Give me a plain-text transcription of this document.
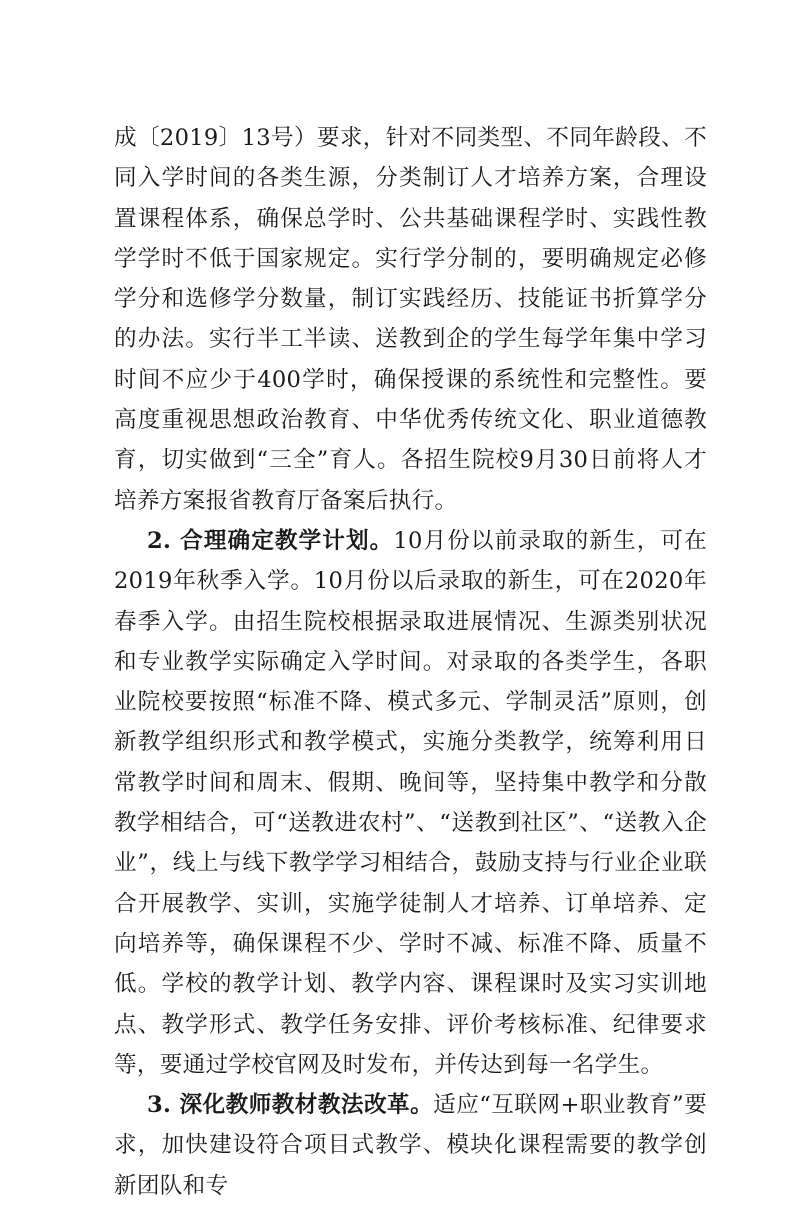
成〔2019〕13号）要求，针对不同类型、不同年龄段、不同入学时间的各类生源，分类制订人才培养方案，合理设置课程体系，确保总学时、公共基础课程学时、实践性教学学时不低于国家规定。实行学分制的，要明确规定必修学分和选修学分数量，制订实践经历、技能证书折算学分的办法。实行半工半读、送教到企的学生每学年集中学习时间不应少于400学时，确保授课的系统性和完整性。要高度重视思想政治教育、中华优秀传统文化、职业道德教育，切实做到“三全”育人。各招生院校9月30日前将人才培养方案报省教育厅备案后执行。

2. 合理确定教学计划。10月份以前录取的新生，可在2019年秋季入学。10月份以后录取的新生，可在2020年春季入学。由招生院校根据录取进展情况、生源类别状况和专业教学实际确定入学时间。对录取的各类学生，各职业院校要按照“标准不降、模式多元、学制灵活”原则，创新教学组织形式和教学模式，实施分类教学，统筹利用日常教学时间和周末、假期、晚间等，坚持集中教学和分散教学相结合，可“送教进农村”、“送教到社区”、“送教入企业”，线上与线下教学学习相结合，鼓励支持与行业企业联合开展教学、实训，实施学徒制人才培养、订单培养、定向培养等，确保课程不少、学时不减、标准不降、质量不低。学校的教学计划、教学内容、课程课时及实习实训地点、教学形式、教学任务安排、评价考核标准、纪律要求等，要通过学校官网及时发布，并传达到每一名学生。

3. 深化教师教材教法改革。适应“互联网+职业教育”要求，加快建设符合项目式教学、模块化课程需要的教学创新团队和专
